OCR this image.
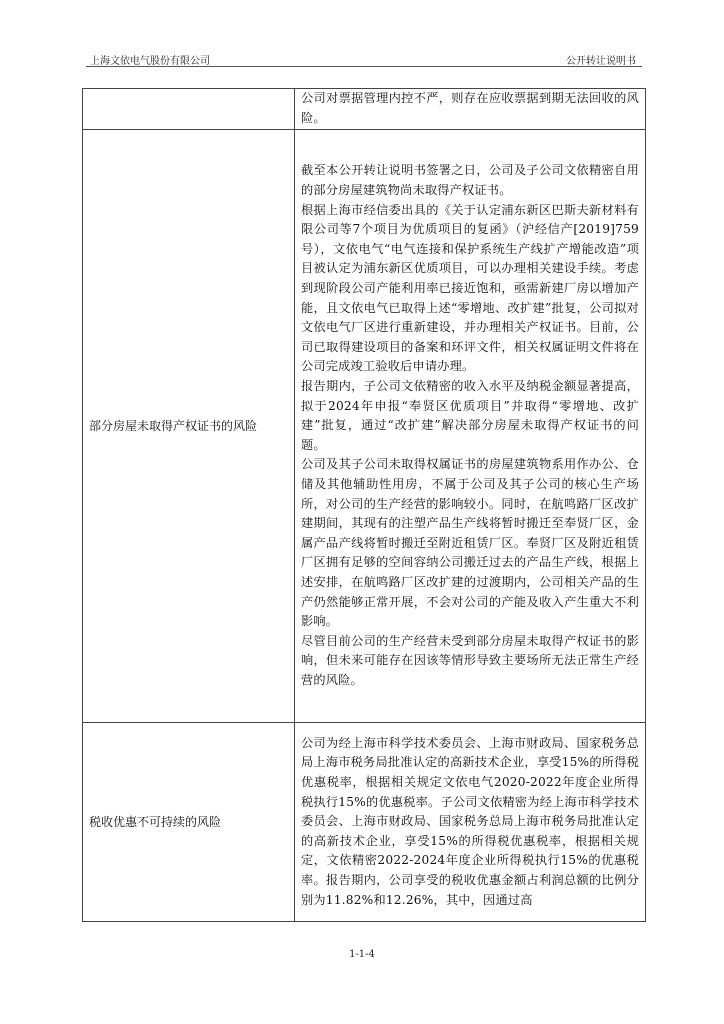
上海文依电气股份有限公司	公开转让说明书

	公司对票据管理内控不严，则存在应收票据到期无法回收的风险。

部分房屋未取得产权证书的风险	截至本公开转让说明书签署之日，公司及子公司文依精密自用的部分房屋建筑物尚未取得产权证书。

根据上海市经信委出具的《关于认定浦东新区巴斯夫新材料有限公司等7个项目为优质项目的复函》（沪经信产[2019]759号），文依电气“电气连接和保护系统生产线扩产增能改造”项目被认定为浦东新区优质项目，可以办理相关建设手续。考虑到现阶段公司产能利用率已接近饱和，亟需新建厂房以增加产能，且文依电气已取得上述“零增地、改扩建”批复，公司拟对文依电气厂区进行重新建设，并办理相关产权证书。目前，公司已取得建设项目的备案和环评文件，相关权属证明文件将在公司完成竣工验收后申请办理。

报告期内，子公司文依精密的收入水平及纳税金额显著提高，拟于2024年申报“奉贤区优质项目”并取得“零增地、改扩建”批复，通过“改扩建”解决部分房屋未取得产权证书的问题。

公司及其子公司未取得权属证书的房屋建筑物系用作办公、仓储及其他辅助性用房，不属于公司及其子公司的核心生产场所，对公司的生产经营的影响较小。同时，在航鸣路厂区改扩建期间，其现有的注塑产品生产线将暂时搬迁至奉贤厂区，金属产品产线将暂时搬迁至附近租赁厂区。奉贤厂区及附近租赁厂区拥有足够的空间容纳公司搬迁过去的产品生产线，根据上述安排，在航鸣路厂区改扩建的过渡期内，公司相关产品的生产仍然能够正常开展，不会对公司的产能及收入产生重大不利影响。

尽管目前公司的生产经营未受到部分房屋未取得产权证书的影响，但未来可能存在因该等情形导致主要场所无法正常生产经营的风险。

税收优惠不可持续的风险	公司为经上海市科学技术委员会、上海市财政局、国家税务总局上海市税务局批准认定的高新技术企业，享受15%的所得税优惠税率，根据相关规定文依电气2020-2022年度企业所得税执行15%的优惠税率。子公司文依精密为经上海市科学技术委员会、上海市财政局、国家税务总局上海市税务局批准认定的高新技术企业，享受15%的所得税优惠税率，根据相关规定，文依精密2022-2024年度企业所得税执行15%的优惠税率。报告期内，公司享受的税收优惠金额占利润总额的比例分别为11.82%和12.26%，其中，因通过高

1-1-4
